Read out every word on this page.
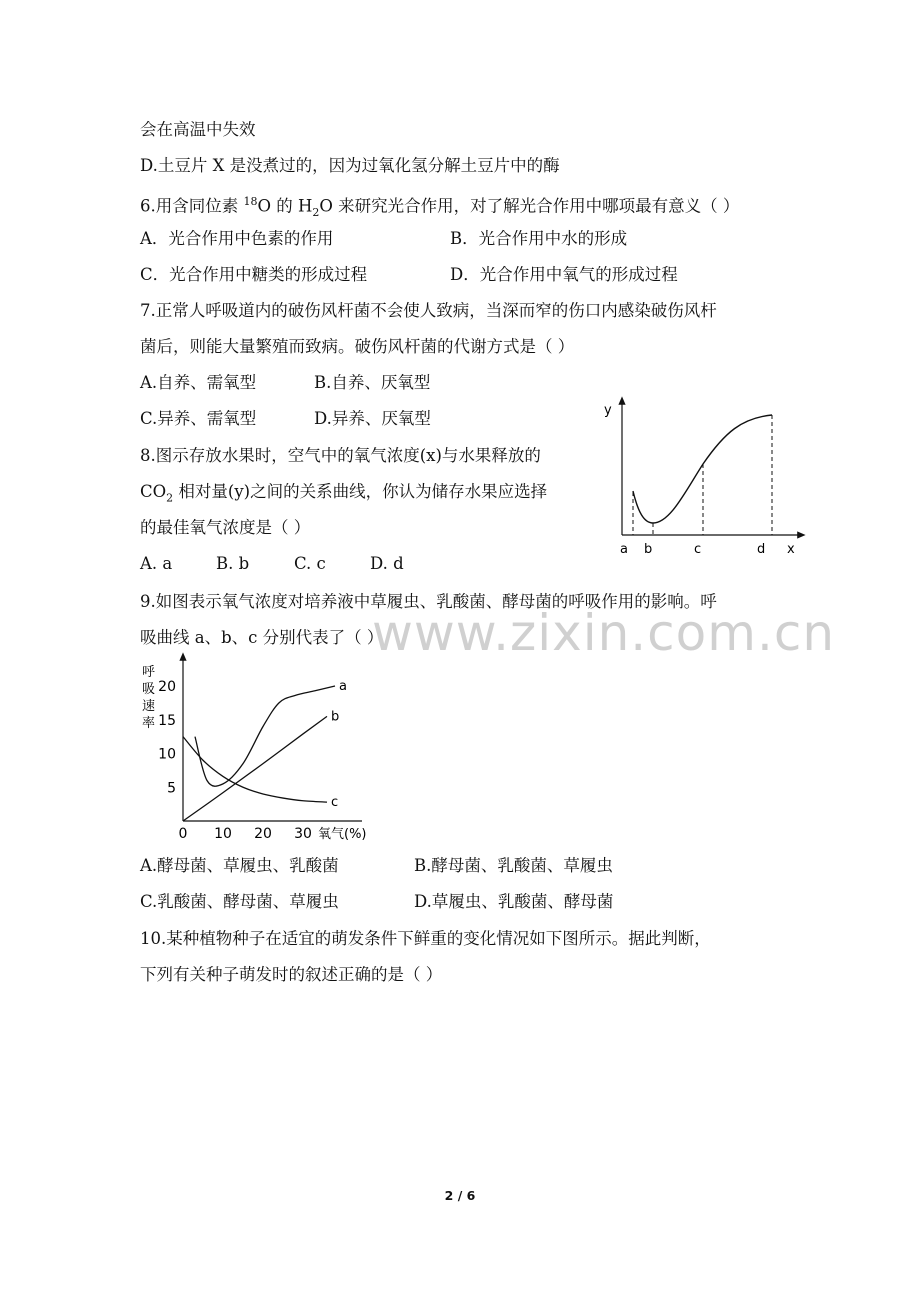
会在高温中失效
D.土豆片 X 是没煮过的，因为过氧化氢分解土豆片中的酶
6.用含同位素 $^{18}$O 的 $H_2O$ 来研究光合作用，对了解光合作用中哪项最有意义（ ）
A．光合作用中色素的作用	B．光合作用中水的形成
C．光合作用中糖类的形成过程	D．光合作用中氧气的形成过程
7.正常人呼吸道内的破伤风杆菌不会使人致病，当深而窄的伤口内感染破伤风杆
菌后，则能大量繁殖而致病。破伤风杆菌的代谢方式是（ ）
A.自养、需氧型	B.自养、厌氧型
C.异养、需氧型	D.异养、厌氧型
8.图示存放水果时，空气中的氧气浓度(x)与水果释放的
$CO_2$ 相对量(y)之间的关系曲线，你认为储存水果应选择
的最佳氧气浓度是（ ）
A. a	B. b	C. c	D. d
y
x
a b	c	d
9.如图表示氧气浓度对培养液中草履虫、乳酸菌、酵母菌的呼吸作用的影响。呼
吸曲线 a、b、c 分别代表了（ ）
www.zixin.com.cn
呼
吸
速
率
5
10
15
20
0 10 20 30 氧气(%)
a
b
c
A.酵母菌、草履虫、乳酸菌	B.酵母菌、乳酸菌、草履虫
C.乳酸菌、酵母菌、草履虫	D.草履虫、乳酸菌、酵母菌
10.某种植物种子在适宜的萌发条件下鲜重的变化情况如下图所示。据此判断，
下列有关种子萌发时的叙述正确的是（ ）
2 / 6
